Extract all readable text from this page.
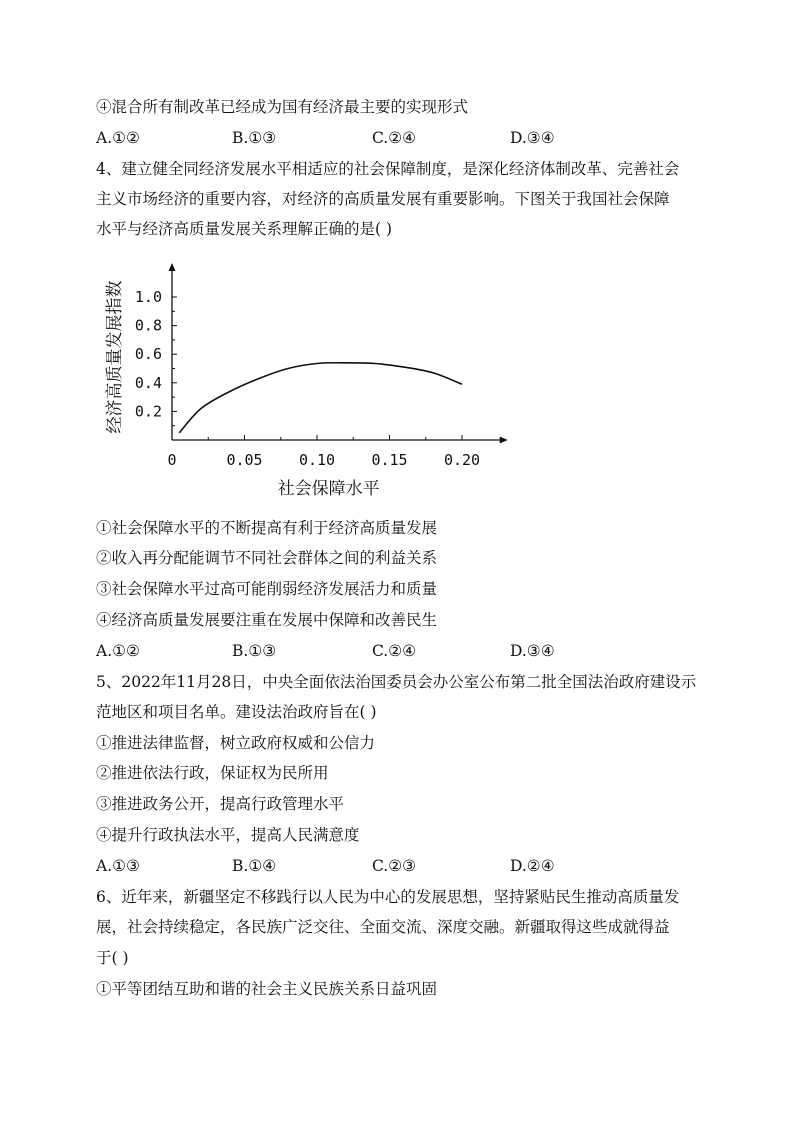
④混合所有制改革已经成为国有经济最主要的实现形式
A.①②	B.①③	C.②④	D.③④
4、建立健全同经济发展水平相适应的社会保障制度，是深化经济体制改革、完善社会
主义市场经济的重要内容，对经济的高质量发展有重要影响。下图关于我国社会保障
水平与经济高质量发展关系理解正确的是( )
0	0.05 0.10 0.15 0.20
0.2
0.4
0.6
0.8
1.0
社会保障水平
经济高质量发展指数
①社会保障水平的不断提高有利于经济高质量发展
②收入再分配能调节不同社会群体之间的利益关系
③社会保障水平过高可能削弱经济发展活力和质量
④经济高质量发展要注重在发展中保障和改善民生
A.①②	B.①③	C.②④	D.③④
5、2022年11月28日，中央全面依法治国委员会办公室公布第二批全国法治政府建设示
范地区和项目名单。建设法治政府旨在( )
①推进法律监督，树立政府权威和公信力
②推进依法行政，保证权为民所用
③推进政务公开，提高行政管理水平
④提升行政执法水平，提高人民满意度
A.①③	B.①④	C.②③	D.②④
6、近年来，新疆坚定不移践行以人民为中心的发展思想，坚持紧贴民生推动高质量发
展，社会持续稳定，各民族广泛交往、全面交流、深度交融。新疆取得这些成就得益
于( )
①平等团结互助和谐的社会主义民族关系日益巩固
